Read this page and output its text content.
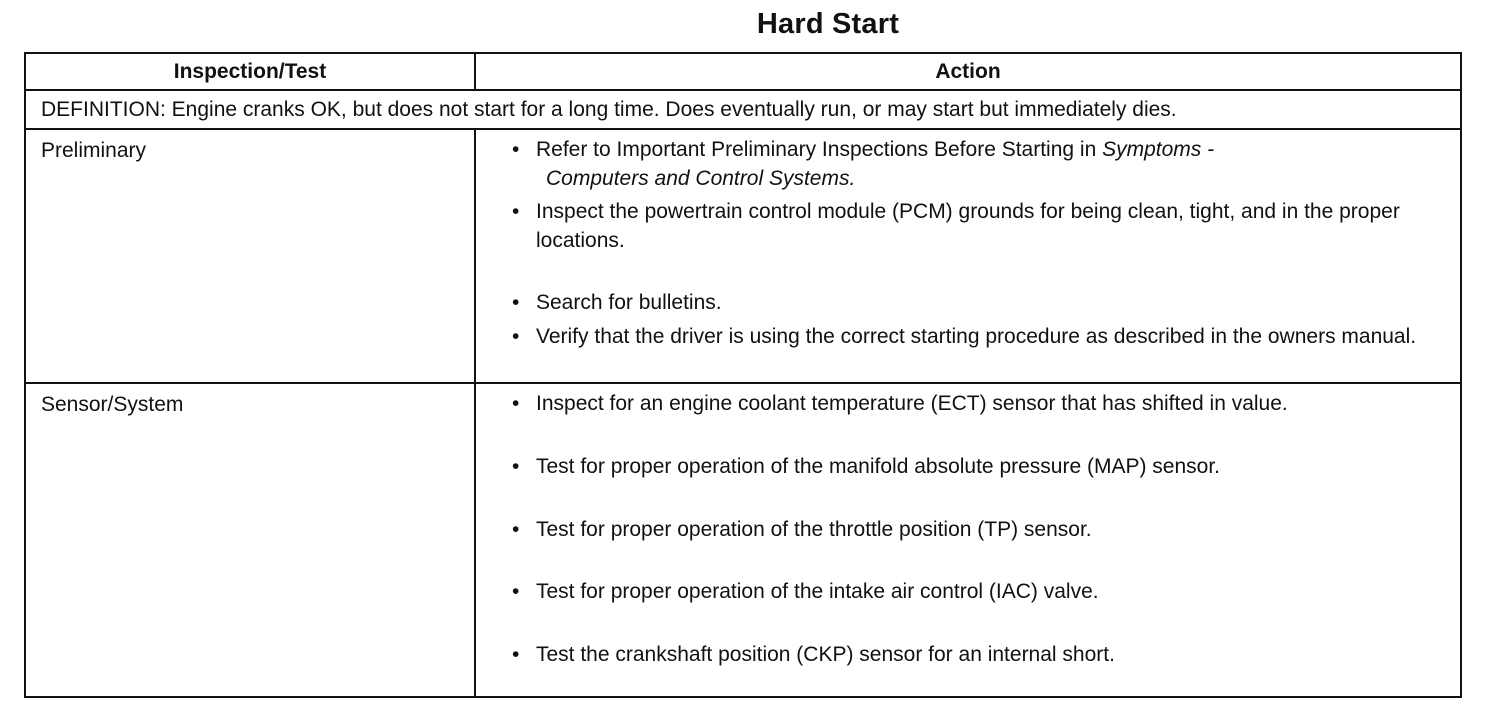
Hard Start
Inspection/Test	Action
DEFINITION: Engine cranks OK, but does not start for a long time. Does eventually run, or may start but immediately dies.
Preliminary	• Refer to Important Preliminary Inspections Before Starting in Symptoms -
Computers and Control Systems.
• Inspect the powertrain control module (PCM) grounds for being clean, tight, and in the proper locations.
• Search for bulletins.
• Verify that the driver is using the correct starting procedure as described in the owners manual.
Sensor/System	• Inspect for an engine coolant temperature (ECT) sensor that has shifted in value.
• Test for proper operation of the manifold absolute pressure (MAP) sensor.
• Test for proper operation of the throttle position (TP) sensor.
• Test for proper operation of the intake air control (IAC) valve.
• Test the crankshaft position (CKP) sensor for an internal short.
